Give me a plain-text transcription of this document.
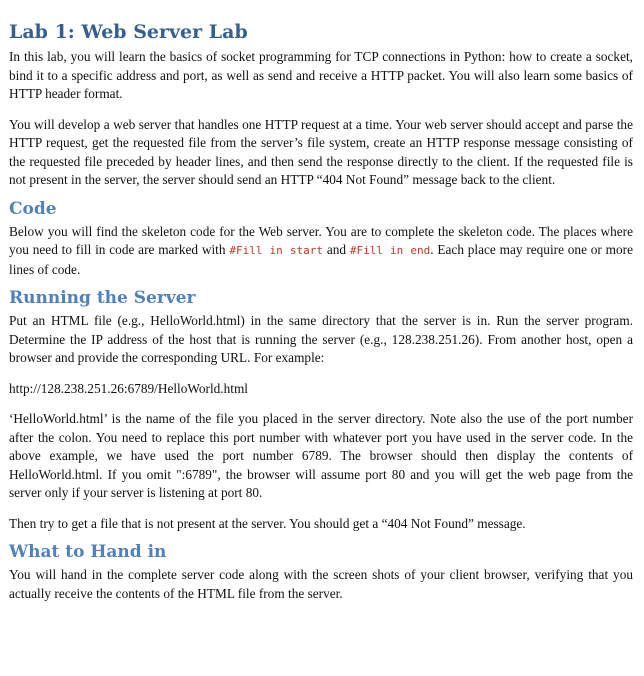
Lab 1: Web Server Lab

In this lab, you will learn the basics of socket programming for TCP connections in Python: how to create a socket, bind it to a specific address and port, as well as send and receive a HTTP packet. You will also learn some basics of HTTP header format.

You will develop a web server that handles one HTTP request at a time. Your web server should accept and parse the HTTP request, get the requested file from the server’s file system, create an HTTP response message consisting of the requested file preceded by header lines, and then send the response directly to the client. If the requested file is not present in the server, the server should send an HTTP “404 Not Found” message back to the client.

Code

Below you will find the skeleton code for the Web server. You are to complete the skeleton code. The places where you need to fill in code are marked with #Fill in start and #Fill in end. Each place may require one or more lines of code.

Running the Server

Put an HTML file (e.g., HelloWorld.html) in the same directory that the server is in. Run the server program. Determine the IP address of the host that is running the server (e.g., 128.238.251.26). From another host, open a browser and provide the corresponding URL. For example:

http://128.238.251.26:6789/HelloWorld.html

‘HelloWorld.html’ is the name of the file you placed in the server directory. Note also the use of the port number after the colon. You need to replace this port number with whatever port you have used in the server code. In the above example, we have used the port number 6789. The browser should then display the contents of HelloWorld.html. If you omit ":6789", the browser will assume port 80 and you will get the web page from the server only if your server is listening at port 80.

Then try to get a file that is not present at the server. You should get a “404 Not Found” message.

What to Hand in

You will hand in the complete server code along with the screen shots of your client browser, verifying that you actually receive the contents of the HTML file from the server.
